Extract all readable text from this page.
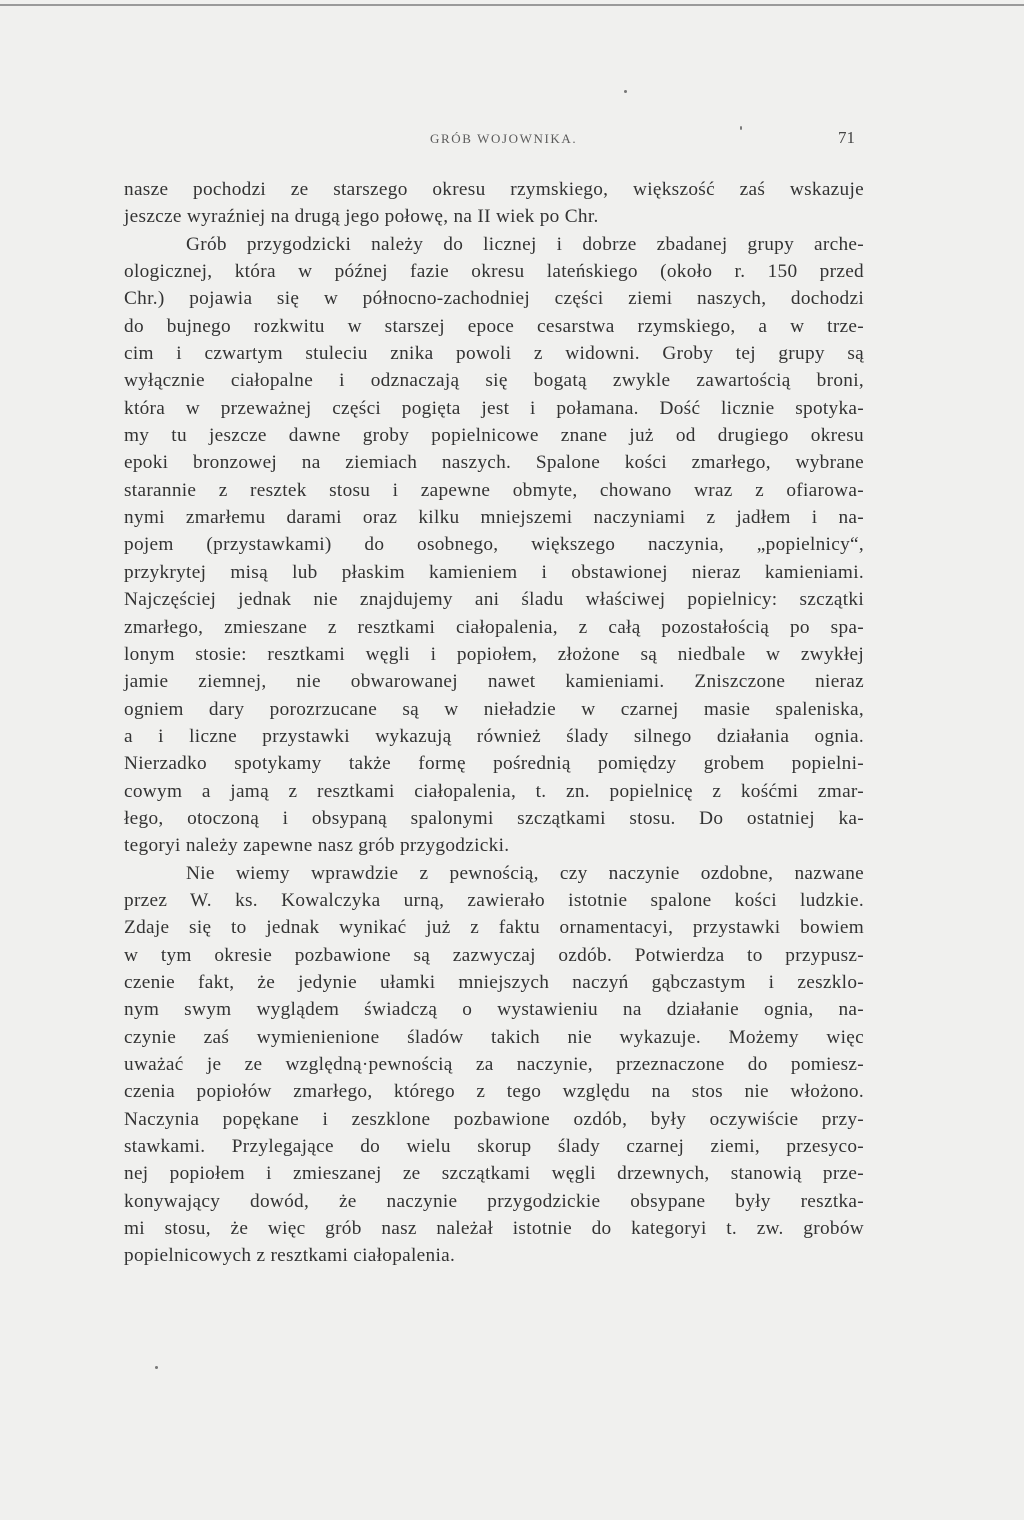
GRÓB WOJOWNIKA.	71
nasze pochodzi ze starszego okresu rzymskiego, większość zaś wskazuje
jeszcze wyraźniej na drugą jego połowę, na II wiek po Chr.
Grób przygodzicki należy do licznej i dobrze zbadanej grupy arche-
ologicznej, która w późnej fazie okresu lateńskiego (około r. 150 przed
Chr.) pojawia się w północno-zachodniej części ziemi naszych, dochodzi
do bujnego rozkwitu w starszej epoce cesarstwa rzymskiego, a w trze-
cim i czwartym stuleciu znika powoli z widowni. Groby tej grupy są
wyłącznie ciałopalne i odznaczają się bogatą zwykle zawartością broni,
która w przeważnej części pogięta jest i połamana. Dość licznie spotyka-
my tu jeszcze dawne groby popielnicowe znane już od drugiego okresu
epoki bronzowej na ziemiach naszych. Spalone kości zmarłego, wybrane
starannie z resztek stosu i zapewne obmyte, chowano wraz z ofiarowa-
nymi zmarłemu darami oraz kilku mniejszemi naczyniami z jadłem i na-
pojem (przystawkami) do osobnego, większego naczynia, „popielnicy“,
przykrytej misą lub płaskim kamieniem i obstawionej nieraz kamieniami.
Najczęściej jednak nie znajdujemy ani śladu właściwej popielnicy: szczątki
zmarłego, zmieszane z resztkami ciałopalenia, z całą pozostałością po spa-
lonym stosie: resztkami węgli i popiołem, złożone są niedbale w zwykłej
jamie ziemnej, nie obwarowanej nawet kamieniami. Zniszczone nieraz
ogniem dary porozrzucane są w nieładzie w czarnej masie spaleniska,
a i liczne przystawki wykazują również ślady silnego działania ognia.
Nierzadko spotykamy także formę pośrednią pomiędzy grobem popielni-
cowym a jamą z resztkami ciałopalenia, t. zn. popielnicę z kośćmi zmar-
łego, otoczoną i obsypaną spalonymi szczątkami stosu. Do ostatniej ka-
tegoryi należy zapewne nasz grób przygodzicki.
Nie wiemy wprawdzie z pewnością, czy naczynie ozdobne, nazwane
przez W. ks. Kowalczyka urną, zawierało istotnie spalone kości ludzkie.
Zdaje się to jednak wynikać już z faktu ornamentacyi, przystawki bowiem
w tym okresie pozbawione są zazwyczaj ozdób. Potwierdza to przypusz-
czenie fakt, że jedynie ułamki mniejszych naczyń gąbczastym i zeszklo-
nym swym wyglądem świadczą o wystawieniu na działanie ognia, na-
czynie zaś wymienienione śladów takich nie wykazuje. Możemy więc
uważać je ze względną·pewnością za naczynie, przeznaczone do pomiesz-
czenia popiołów zmarłego, którego z tego względu na stos nie włożono.
Naczynia popękane i zeszklone pozbawione ozdób, były oczywiście przy-
stawkami. Przylegające do wielu skorup ślady czarnej ziemi, przesyco-
nej popiołem i zmieszanej ze szczątkami węgli drzewnych, stanowią prze-
konywający dowód, że naczynie przygodzickie obsypane były resztka-
mi stosu, że więc grób nasz należał istotnie do kategoryi t. zw. grobów
popielnicowych z resztkami ciałopalenia.
